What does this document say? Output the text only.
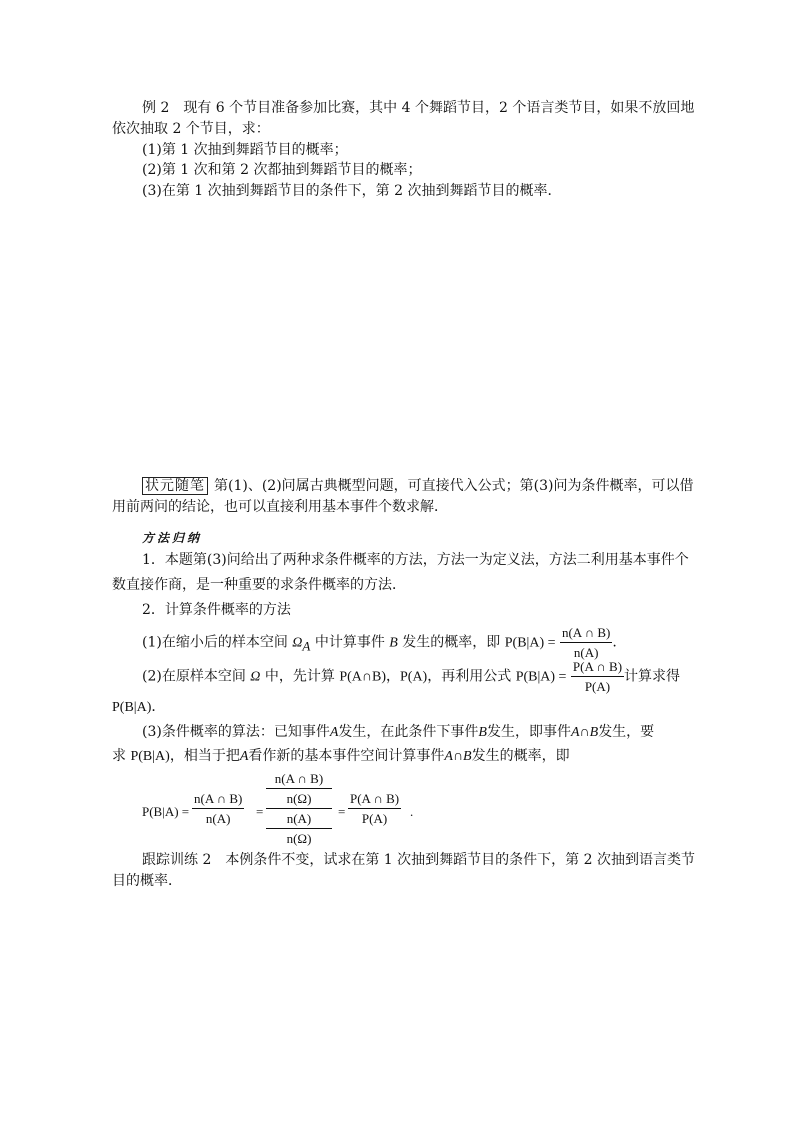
例 2　现有 6 个节目准备参加比赛，其中 4 个舞蹈节目，2 个语言类节目，如果不放回地
依次抽取 2 个节目，求：
(1)第 1 次抽到舞蹈节目的概率；
(2)第 1 次和第 2 次都抽到舞蹈节目的概率；
(3)在第 1 次抽到舞蹈节目的条件下，第 2 次抽到舞蹈节目的概率．
状元随笔 第(1)、(2)问属古典概型问题，可直接代入公式；第(3)问为条件概率，可以借
用前两问的结论，也可以直接利用基本事件个数求解．
方法归纳
1．本题第(3)问给出了两种求条件概率的方法，方法一为定义法，方法二利用基本事件个
数直接作商，是一种重要的求条件概率的方法．
2．计算条件概率的方法
(1)在缩小后的样本空间 $\Omega_A$ 中计算事件 B 发生的概率，即 $P(B|A) = \frac{n(A \cap B)}{n(A)}$ .
(2)在原样本空间 Ω 中，先计算 P(A∩B)，P(A)，再利用公式 $P(B|A) = \frac{P(A \cap B)}{P(A)}$ 计算求得
P(B|A)．
(3)条件概率的算法：已知事件A发生，在此条件下事件B发生，即事件A∩B发生，要
求 P(B|A)，相当于把A看作新的基本事件空间计算事件A∩B发生的概率，即
P(B|A) =
n(A ∩ B)
n(A)	=
n(A ∩ B)
n(Ω)
n(A)
n(Ω)
=
P(A ∩ B)
P(A)	.
跟踪训练 2　本例条件不变，试求在第 1 次抽到舞蹈节目的条件下，第 2 次抽到语言类节
目的概率．
